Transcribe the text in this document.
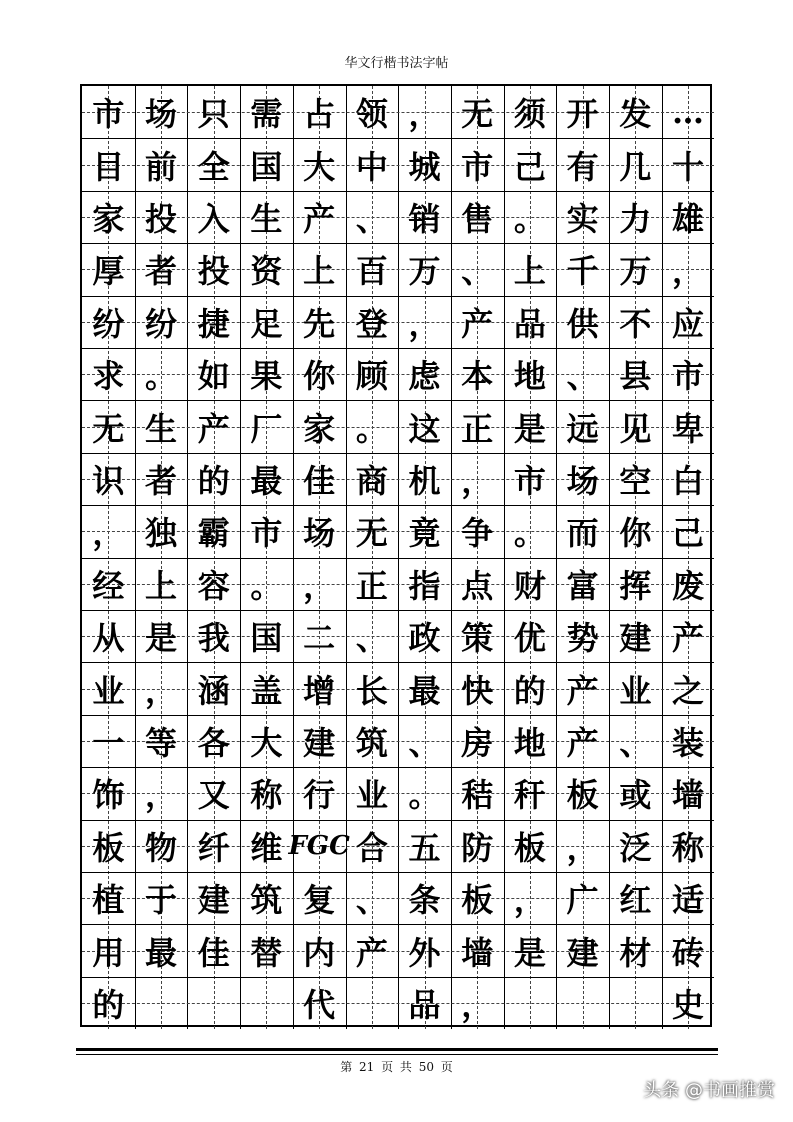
华文行楷书法字帖
市
目
家
厚
纷
求
无
识
，
经
从
业
一
饰
板
植
用
的
场
前
投
者
纷
。
生
者
独
上
是
，
等
，
物
于
最
只
全
入
投
捷
如
产
的
霸
容
我
涵
各
又
纤
建
佳
需
国
生
资
足
果
厂
最
市
。
国
盖
大
称
维
筑
替
占
大
产
上
先
你
家
佳
场
，
二
增
建
行
FGC
复
内
代
领
中
、
百
登
顾
。
商
无
正
、
长
筑
业
合
、
产
，
城
销
万
，
虑
这
机
竟
指
政
最
、
。
五
条
外
品
无
市
售
、
产
本
正
，
争
点
策
快
房
秸
防
板
墙
，
须
己
。
上
品
地
是
市
。
财
优
的
地
秆
板
，
是
开
有
实
千
供
、
远
场
而
富
势
产
产
板
，
广
建
发
几
力
万
不
县
见
空
你
挥
建
业
、
或
泛
红
材
…
十
雄
，
应
市
卑
白
己
废
产
之
装
墙
称
适
砖
史
第 21 页 共 50 页
头条 @书画推赏
